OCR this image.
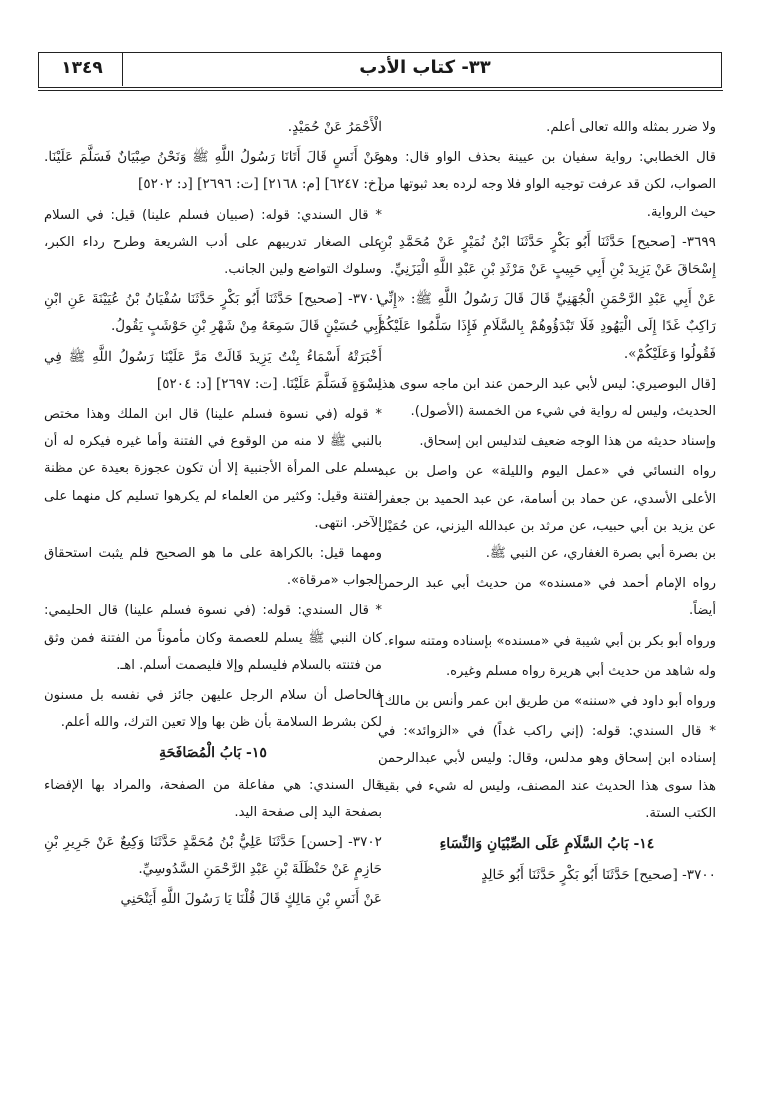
١٣٤٩	٣٣- كتاب الأدب

ولا ضرر بمثله والله تعالى أعلم.

قال الخطابي: رواية سفيان بن عيينة بحذف الواو قال: وهو الصواب، لكن قد عرفت توجيه الواو فلا وجه لرده بعد ثبوتها من حيث الرواية.

٣٦٩٩- [صحيح] حَدَّثَنَا أَبُو بَكْرٍ حَدَّثَنَا ابْنُ نُمَيْرٍ عَنْ مُحَمَّدِ بْنِ إِسْحَاقَ عَنْ يَزِيدَ بْنِ أَبِي حَبِيبٍ عَنْ مَرْثَدِ بْنِ عَبْدِ اللَّهِ الْيَزَنِيِّ.

عَنْ أَبِي عَبْدِ الرَّحْمَنِ الْجُهَنِيِّ قَالَ قَالَ رَسُولُ اللَّهِ ﷺ: «إِنِّي رَاكِبٌ غَدًا إِلَى الْيَهُودِ فَلَا تَبْدَؤُوهُمْ بِالسَّلَامِ فَإِذَا سَلَّمُوا عَلَيْكُمْ فَقُولُوا وَعَلَيْكُمْ».

[قال البوصيري: ليس لأبي عبد الرحمن عند ابن ماجه سوى هذا الحديث، وليس له رواية في شيء من الخمسة (الأصول).

وإسناد حديثه من هذا الوجه ضعيف لتدليس ابن إسحاق.

رواه النسائي في «عمل اليوم والليلة» عن واصل بن عبد الأعلى الأسدي، عن حماد بن أسامة، عن عبد الحميد بن جعفر، عن يزيد بن أبي حبيب، عن مرثد بن عبدالله اليزني، عن حُمَيْل بن بصرة أبي بصرة الغفاري، عن النبي ﷺ.

رواه الإمام أحمد في «مسنده» من حديث أبي عبد الرحمن أيضاً.

ورواه أبو بكر بن أبي شيبة في «مسنده» بإسناده ومتنه سواء.

وله شاهد من حديث أبي هريرة رواه مسلم وغيره.

ورواه أبو داود في «سننه» من طريق ابن عمر وأنس بن مالك]

* قال السندي: قوله: (إني راكب غداً) في «الزوائد»: في إسناده ابن إسحاق وهو مدلس، وقال: وليس لأبي عبدالرحمن هذا سوى هذا الحديث عند المصنف، وليس له شيء في بقية الكتب الستة.

١٤- بَابُ السَّلَامِ عَلَى الصِّبْيَانِ وَالنِّسَاءِ

٣٧٠٠- [صحيح] حَدَّثَنَا أَبُو بَكْرٍ حَدَّثَنَا أَبُو خَالِدٍ

الْأَحْمَرُ عَنْ حُمَيْدٍ.

عَنْ أَنَسٍ قَالَ أَتَانَا رَسُولُ اللَّهِ ﷺ وَنَحْنُ صِبْيَانٌ فَسَلَّمَ عَلَيْنَا. [خ: ٦٢٤٧] [م: ٢١٦٨] [ت: ٢٦٩٦] [د: ٥٢٠٢]

* قال السندي: قوله: (صبيان فسلم علينا) قيل: في السلام على الصغار تدريبهم على أدب الشريعة وطرح رداء الكبر، وسلوك التواضع ولين الجانب.

٣٧٠١- [صحيح] حَدَّثَنَا أَبُو بَكْرٍ حَدَّثَنَا سُفْيَانُ بْنُ عُيَيْنَةَ عَنِ ابْنِ أَبِي حُسَيْنٍ قَالَ سَمِعَهُ مِنْ شَهْرِ بْنِ حَوْشَبٍ يَقُولُ.

أَخْبَرَتْهُ أَسْمَاءُ بِنْتُ يَزِيدَ قَالَتْ مَرَّ عَلَيْنَا رَسُولُ اللَّهِ ﷺ فِي نِسْوَةٍ فَسَلَّمَ عَلَيْنَا. [ت: ٢٦٩٧] [د: ٥٢٠٤]

* قوله (في نسوة فسلم علينا) قال ابن الملك وهذا مختص بالنبي ﷺ لا منه من الوقوع في الفتنة وأما غيره فيكره له أن يسلم على المرأة الأجنبية إلا أن تكون عجوزة بعيدة عن مظنة الفتنة وقيل: وكثير من العلماء لم يكرهوا تسليم كل منهما على الآخر. انتهى.

ومهما قيل: بالكراهة على ما هو الصحيح فلم يثبت استحقاق الجواب «مرقاة».

* قال السندي: قوله: (في نسوة فسلم علينا) قال الحليمي: كان النبي ﷺ يسلم للعصمة وكان مأموناً من الفتنة فمن وثق من فتنته بالسلام فليسلم وإلا فليصمت أسلم. اهـ.

فالحاصل أن سلام الرجل عليهن جائز في نفسه بل مسنون لكن بشرط السلامة بأن ظن بها وإلا تعين الترك، والله أعلم.

١٥- بَابُ الْمُصَافَحَةِ

قال السندي: هي مفاعلة من الصفحة، والمراد بها الإفضاء بصفحة اليد إلى صفحة اليد.

٣٧٠٢- [حسن] حَدَّثَنَا عَلِيُّ بْنُ مُحَمَّدٍ حَدَّثَنَا وَكِيعٌ عَنْ جَرِيرِ بْنِ حَازِمٍ عَنْ حَنْظَلَةَ بْنِ عَبْدِ الرَّحْمَنِ السَّدُوسِيِّ.

عَنْ أَنَسِ بْنِ مَالِكٍ قَالَ قُلْنَا يَا رَسُولَ اللَّهِ أَيَنْحَنِي
